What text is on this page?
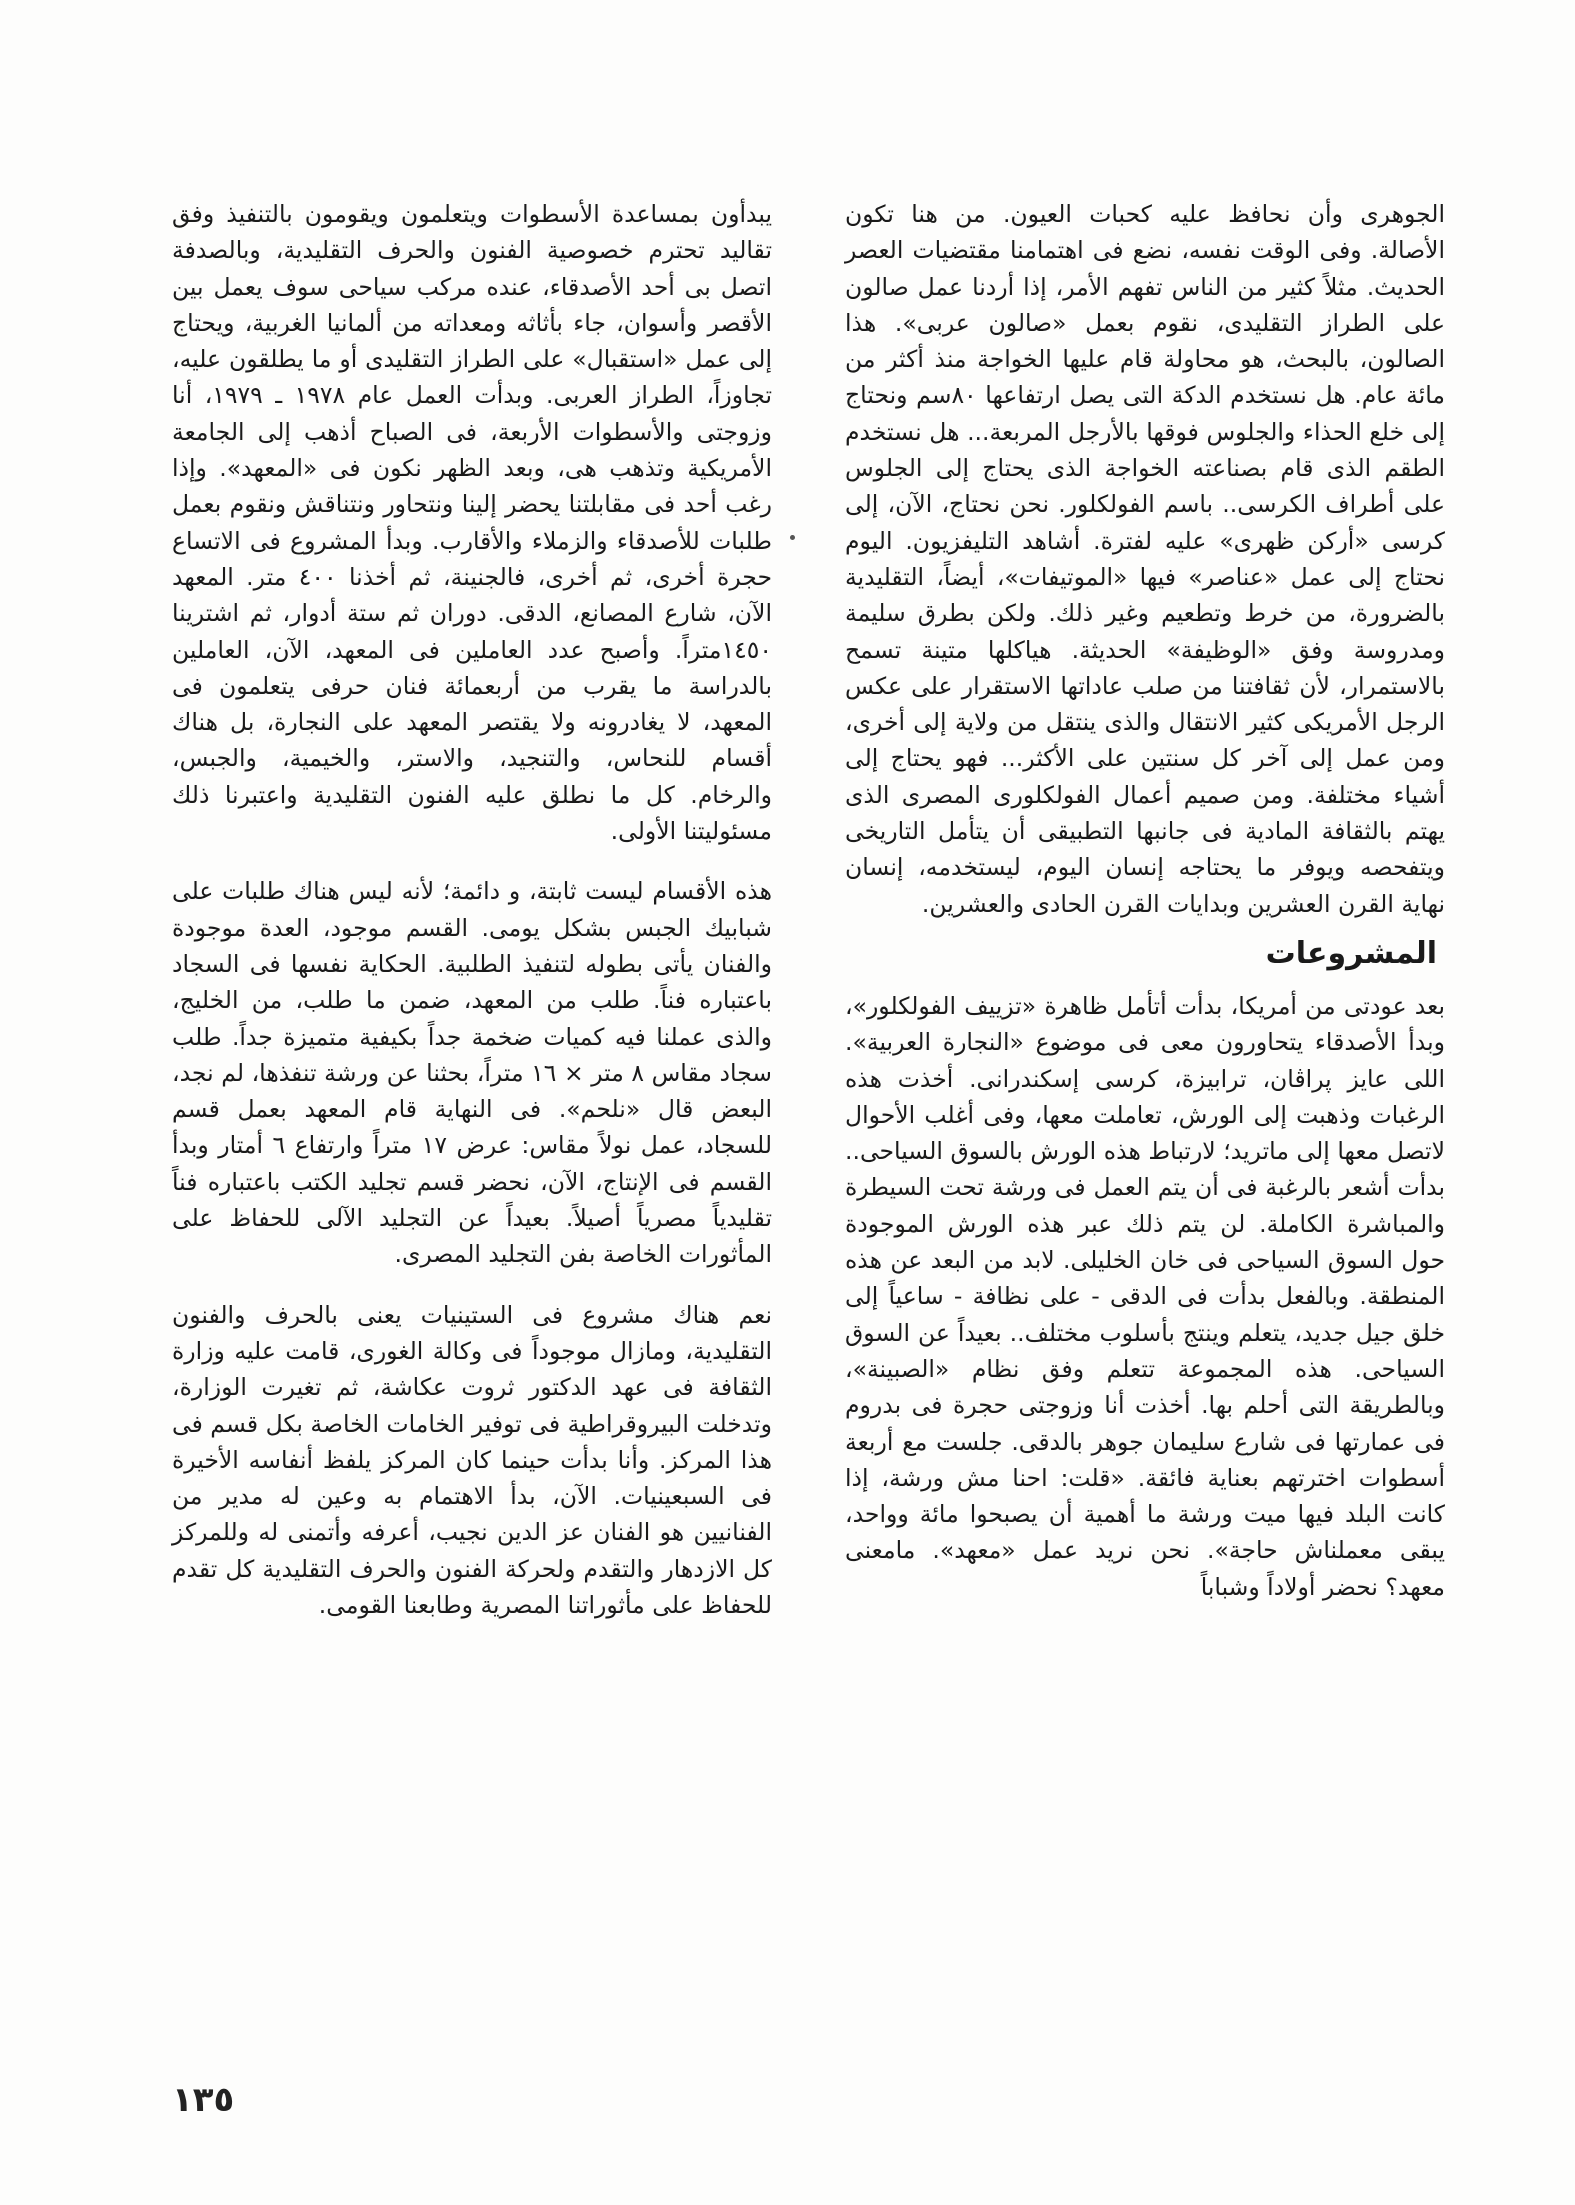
الجوهرى وأن نحافظ عليه كحبات العيون. من هنا تكون الأصالة. وفى الوقت نفسه، نضع فى اهتمامنا مقتضيات العصر الحديث. مثلاً كثير من الناس تفهم الأمر، إذا أردنا عمل صالون على الطراز التقليدى، نقوم بعمل «صالون عربى». هذا الصالون، بالبحث، هو محاولة قام عليها الخواجة منذ أكثر من مائة عام. هل نستخدم الدكة التى يصل ارتفاعها ٨٠سم ونحتاج إلى خلع الحذاء والجلوس فوقها بالأرجل المربعة... هل نستخدم الطقم الذى قام بصناعته الخواجة الذى يحتاج إلى الجلوس على أطراف الكرسى.. باسم الفولكلور. نحن نحتاج، الآن، إلى كرسى «أركن ظهرى» عليه لفترة. أشاهد التليفزيون. اليوم نحتاج إلى عمل «عناصر» فيها «الموتيفات»، أيضاً، التقليدية بالضرورة، من خرط وتطعيم وغير ذلك. ولكن بطرق سليمة ومدروسة وفق «الوظيفة» الحديثة. هياكلها متينة تسمح بالاستمرار، لأن ثقافتنا من صلب عاداتها الاستقرار على عكس الرجل الأمريكى كثير الانتقال والذى ينتقل من ولاية إلى أخرى، ومن عمل إلى آخر كل سنتين على الأكثر... فهو يحتاج إلى أشياء مختلفة. ومن صميم أعمال الفولكلورى المصرى الذى يهتم بالثقافة المادية فى جانبها التطبيقى أن يتأمل التاريخى ويتفحصه ويوفر ما يحتاجه إنسان اليوم، ليستخدمه، إنسان نهاية القرن العشرين وبدايات القرن الحادى والعشرين.

المشروعات

بعد عودتى من أمريكا، بدأت أتأمل ظاهرة «تزييف الفولكلور»، وبدأ الأصدقاء يتحاورون معى فى موضوع «النجارة العربية». اللى عايز پراڤان، ترابيزة، كرسى إسكندرانى. أخذت هذه الرغبات وذهبت إلى الورش، تعاملت معها، وفى أغلب الأحوال لاتصل معها إلى ماتريد؛ لارتباط هذه الورش بالسوق السياحى.. بدأت أشعر بالرغبة فى أن يتم العمل فى ورشة تحت السيطرة والمباشرة الكاملة. لن يتم ذلك عبر هذه الورش الموجودة حول السوق السياحى فى خان الخليلى. لابد من البعد عن هذه المنطقة. وبالفعل بدأت فى الدقى - على نظافة - ساعياً إلى خلق جيل جديد، يتعلم وينتج بأسلوب مختلف.. بعيداً عن السوق السياحى. هذه المجموعة تتعلم وفق نظام «الصبينة»، وبالطريقة التى أحلم بها. أخذت أنا وزوجتى حجرة فى بدروم فى عمارتها فى شارع سليمان جوهر بالدقى. جلست مع أربعة أسطوات اخترتهم بعناية فائقة. «قلت: احنا مش ورشة، إذا كانت البلد فيها ميت ورشة ما أهمية أن يصبحوا مائة وواحد، يبقى معملناش حاجة». نحن نريد عمل «معهد». مامعنى معهد؟ نحضر أولاداً وشباباً

يبدأون بمساعدة الأسطوات ويتعلمون ويقومون بالتنفيذ وفق تقاليد تحترم خصوصية الفنون والحرف التقليدية، وبالصدفة اتصل بى أحد الأصدقاء، عنده مركب سياحى سوف يعمل بين الأقصر وأسوان، جاء بأثاثه ومعداته من ألمانيا الغربية، ويحتاج إلى عمل «استقبال» على الطراز التقليدى أو ما يطلقون عليه، تجاوزاً، الطراز العربى. وبدأت العمل عام ١٩٧٨ ـ ١٩٧٩، أنا وزوجتى والأسطوات الأربعة، فى الصباح أذهب إلى الجامعة الأمريكية وتذهب هى، وبعد الظهر نكون فى «المعهد». وإذا رغب أحد فى مقابلتنا يحضر إلينا ونتحاور ونتناقش ونقوم بعمل طلبات للأصدقاء والزملاء والأقارب. وبدأ المشروع فى الاتساع حجرة أخرى، ثم أخرى، فالجنينة، ثم أخذنا ٤٠٠ متر. المعهد الآن، شارع المصانع، الدقى. دوران ثم ستة أدوار، ثم اشترينا ١٤٥٠متراً. وأصبح عدد العاملين فى المعهد، الآن، العاملين بالدراسة ما يقرب من أربعمائة فنان حرفى يتعلمون فى المعهد، لا يغادرونه ولا يقتصر المعهد على النجارة، بل هناك أقسام للنحاس، والتنجيد، والاستر، والخيمية، والجبس، والرخام. كل ما نطلق عليه الفنون التقليدية واعتبرنا ذلك مسئوليتنا الأولى.

هذه الأقسام ليست ثابتة، و دائمة؛ لأنه ليس هناك طلبات على شبابيك الجبس بشكل يومى. القسم موجود، العدة موجودة والفنان يأتى بطوله لتنفيذ الطلبية. الحكاية نفسها فى السجاد باعتباره فناً. طلب من المعهد، ضمن ما طلب، من الخليج، والذى عملنا فيه كميات ضخمة جداً بكيفية متميزة جداً. طلب سجاد مقاس ٨ متر × ١٦ متراً، بحثنا عن ورشة تنفذها، لم نجد، البعض قال «نلحم». فى النهاية قام المعهد بعمل قسم للسجاد، عمل نولاً مقاس: عرض ١٧ متراً وارتفاع ٦ أمتار وبدأ القسم فى الإنتاج، الآن، نحضر قسم تجليد الكتب باعتباره فناً تقليدياً مصرياً أصيلاً. بعيداً عن التجليد الآلى للحفاظ على المأثورات الخاصة بفن التجليد المصرى.

نعم هناك مشروع فى الستينيات يعنى بالحرف والفنون التقليدية، ومازال موجوداً فى وكالة الغورى، قامت عليه وزارة الثقافة فى عهد الدكتور ثروت عكاشة، ثم تغيرت الوزارة، وتدخلت البيروقراطية فى توفير الخامات الخاصة بكل قسم فى هذا المركز. وأنا بدأت حينما كان المركز يلفظ أنفاسه الأخيرة فى السبعينيات. الآن، بدأ الاهتمام به وعين له مدير من الفنانيين هو الفنان عز الدين نجيب، أعرفه وأتمنى له وللمركز كل الازدهار والتقدم ولحركة الفنون والحرف التقليدية كل تقدم للحفاظ على مأثوراتنا المصرية وطابعنا القومى.

١٣٥
